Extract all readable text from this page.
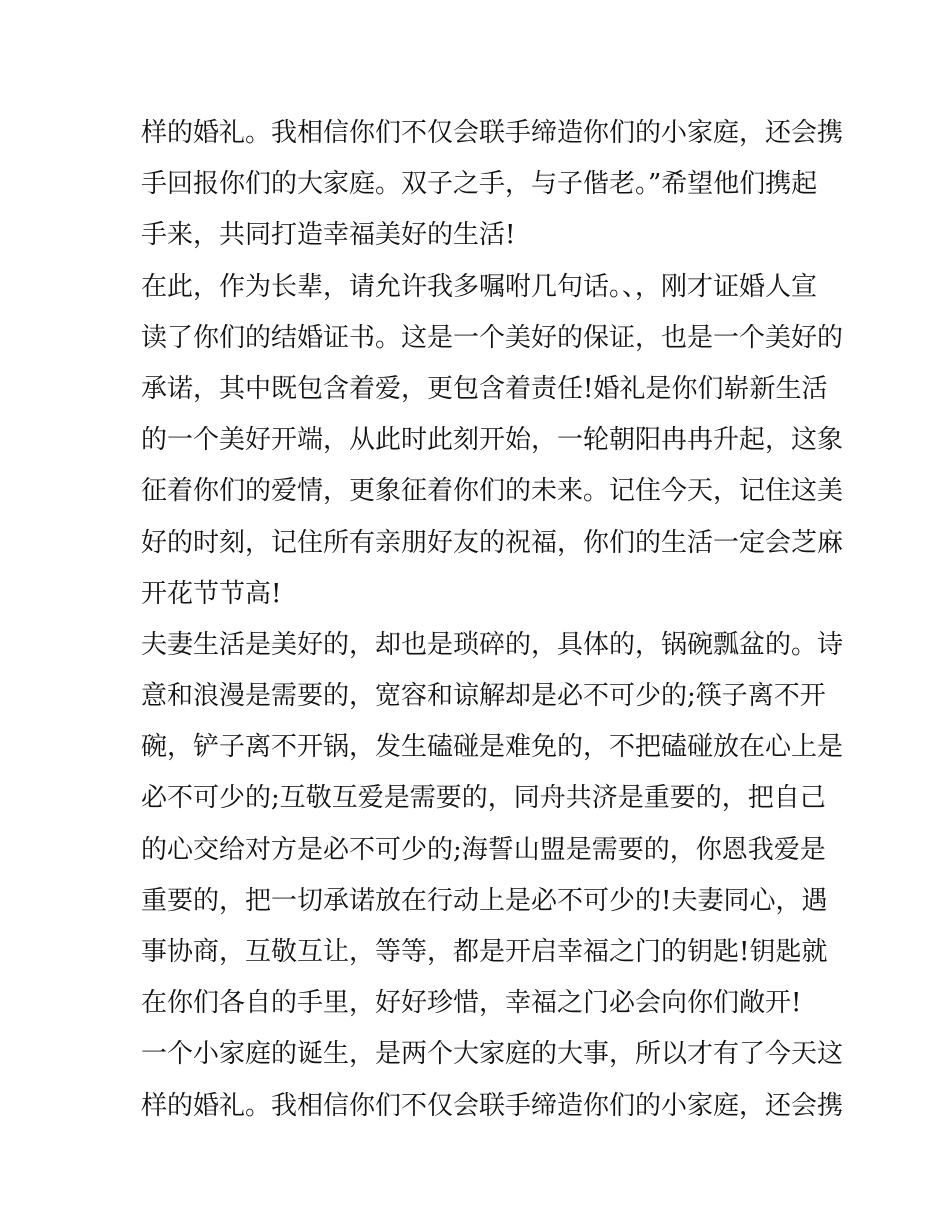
样的婚礼。我相信你们不仅会联手缔造你们的小家庭，还会携
手回报你们的大家庭。双子之手，与子偕老。”希望他们携起
手来，共同打造幸福美好的生活!
在此，作为长辈，请允许我多嘱咐几句话。、，刚才证婚人宣
读了你们的结婚证书。这是一个美好的保证，也是一个美好的
承诺，其中既包含着爱，更包含着责任!婚礼是你们崭新生活
的一个美好开端，从此时此刻开始，一轮朝阳冉冉升起，这象
征着你们的爱情，更象征着你们的未来。记住今天，记住这美
好的时刻，记住所有亲朋好友的祝福，你们的生活一定会芝麻
开花节节高!
夫妻生活是美好的，却也是琐碎的，具体的，锅碗瓢盆的。诗
意和浪漫是需要的，宽容和谅解却是必不可少的;筷子离不开
碗，铲子离不开锅，发生磕碰是难免的，不把磕碰放在心上是
必不可少的;互敬互爱是需要的，同舟共济是重要的，把自己
的心交给对方是必不可少的;海誓山盟是需要的，你恩我爱是
重要的，把一切承诺放在行动上是必不可少的!夫妻同心，遇
事协商，互敬互让，等等，都是开启幸福之门的钥匙!钥匙就
在你们各自的手里，好好珍惜，幸福之门必会向你们敞开!
一个小家庭的诞生，是两个大家庭的大事，所以才有了今天这
样的婚礼。我相信你们不仅会联手缔造你们的小家庭，还会携
